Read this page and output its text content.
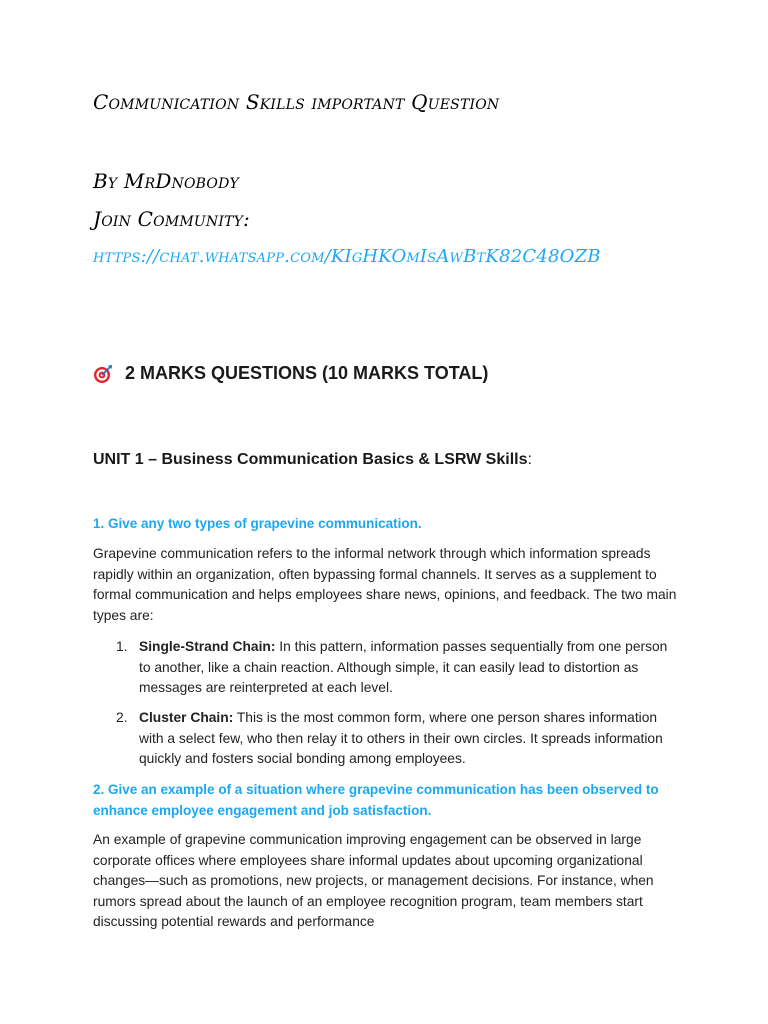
Communication Skills important Question
By MrDnobody
Join Community:
https://chat.whatsapp.com/KIgHKOmIsAwBtK82C48OZB
2 MARKS QUESTIONS (10 MARKS TOTAL)
UNIT 1 – Business Communication Basics & LSRW Skills:
1. Give any two types of grapevine communication.
Grapevine communication refers to the informal network through which information spreads rapidly within an organization, often bypassing formal channels. It serves as a supplement to formal communication and helps employees share news, opinions, and feedback. The two main types are:
1. Single-Strand Chain: In this pattern, information passes sequentially from one person to another, like a chain reaction. Although simple, it can easily lead to distortion as messages are reinterpreted at each level.
2. Cluster Chain: This is the most common form, where one person shares information with a select few, who then relay it to others in their own circles. It spreads information quickly and fosters social bonding among employees.
2. Give an example of a situation where grapevine communication has been observed to enhance employee engagement and job satisfaction.
An example of grapevine communication improving engagement can be observed in large corporate offices where employees share informal updates about upcoming organizational changes—such as promotions, new projects, or management decisions. For instance, when rumors spread about the launch of an employee recognition program, team members start discussing potential rewards and performance
